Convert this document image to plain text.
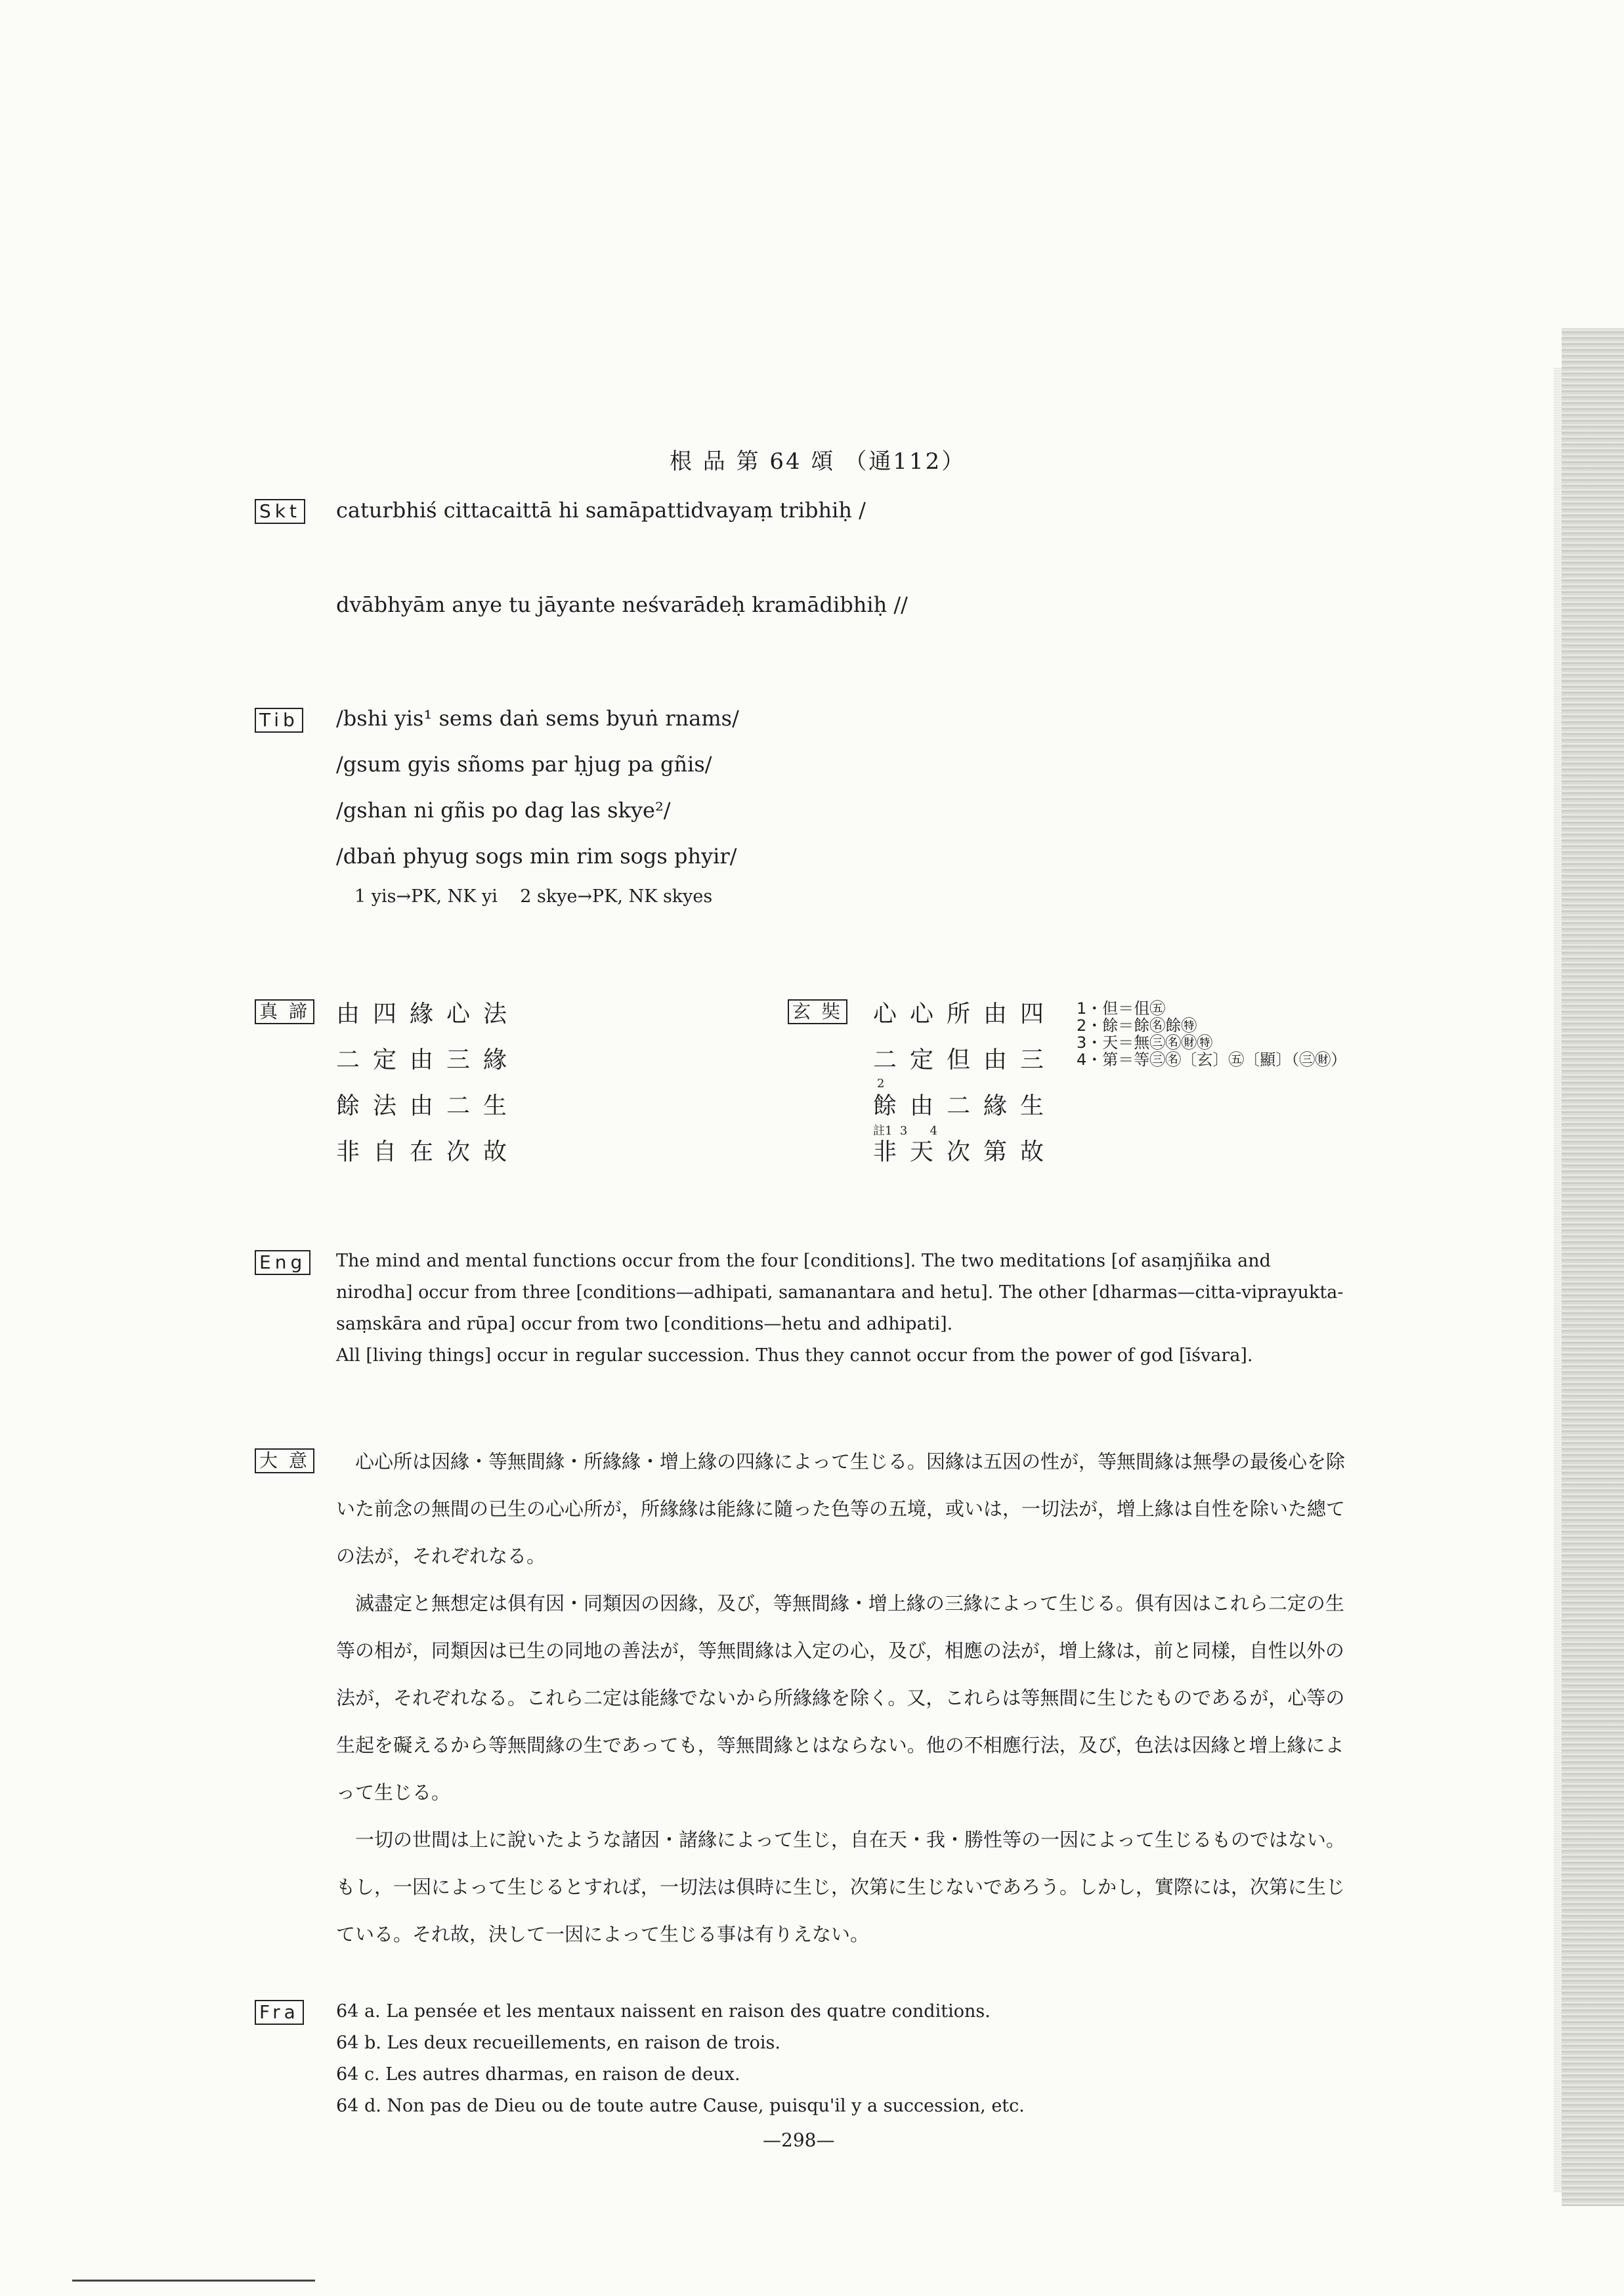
根 品 第 64 頌 （通112）
Skt caturbhiś cittacaittā hi samāpattidvayaṃ tribhiḥ /
dvābhyām anye tu jāyante neśvarādeḥ kramādibhiḥ //
Tib /bshi yis¹ sems daṅ sems byuṅ rnams/
/gsum gyis sñoms par ḥjug pa gñis/
/gshan ni gñis po dag las skye²/
/dbaṅ phyug sogs min rim sogs phyir/
1 yis→PK, NK yi    2 skye→PK, NK skyes
真 諦 由四緣心法
二定由三緣
餘法由二生
非自在次故
玄 奘 心心所由四
二定但由三
2
餘由二緣生
註1  3      4
非天次第故
1・但＝伹㊄
2・餘＝餘㊔餘㊕
3・天＝無㊂㊔㊖㊕
4・第＝等㊂㊔〔玄〕㊄〔顯〕（㊂㊖）
Eng The mind and mental functions occur from the four [conditions]. The two meditations [of asaṃjñika and
nirodha] occur from three [conditions—adhipati, samanantara and hetu]. The other [dharmas—citta-viprayukta-
saṃskāra and rūpa] occur from two [conditions—hetu and adhipati].
All [living things] occur in regular succession. Thus they cannot occur from the power of god [īśvara].
大 意 　心心所は因緣・等無間緣・所緣緣・增上緣の四緣によって生じる。因緣は五因の性が，等無間緣は無學の最後心を除
いた前念の無間の已生の心心所が，所緣緣は能緣に隨った色等の五境，或いは，一切法が，增上緣は自性を除いた總て
の法が，それぞれなる。
　滅盡定と無想定は俱有因・同類因の因緣，及び，等無間緣・增上緣の三緣によって生じる。俱有因はこれら二定の生
等の相が，同類因は已生の同地の善法が，等無間緣は入定の心，及び，相應の法が，增上緣は，前と同樣，自性以外の
法が，それぞれなる。これら二定は能緣でないから所緣緣を除く。又，これらは等無間に生じたものであるが，心等の
生起を礙えるから等無間緣の生であっても，等無間緣とはならない。他の不相應行法，及び，色法は因緣と增上緣によ
って生じる。
　一切の世間は上に說いたような諸因・諸緣によって生じ，自在天・我・勝性等の一因によって生じるものではない。
もし，一因によって生じるとすれば，一切法は俱時に生じ，次第に生じないであろう。しかし，實際には，次第に生じ
ている。それ故，決して一因によって生じる事は有りえない。
Fra 64 a. La pensée et les mentaux naissent en raison des quatre conditions.
64 b. Les deux recueillements, en raison de trois.
64 c. Les autres dharmas, en raison de deux.
64 d. Non pas de Dieu ou de toute autre Cause, puisqu'il y a succession, etc.
—298—
